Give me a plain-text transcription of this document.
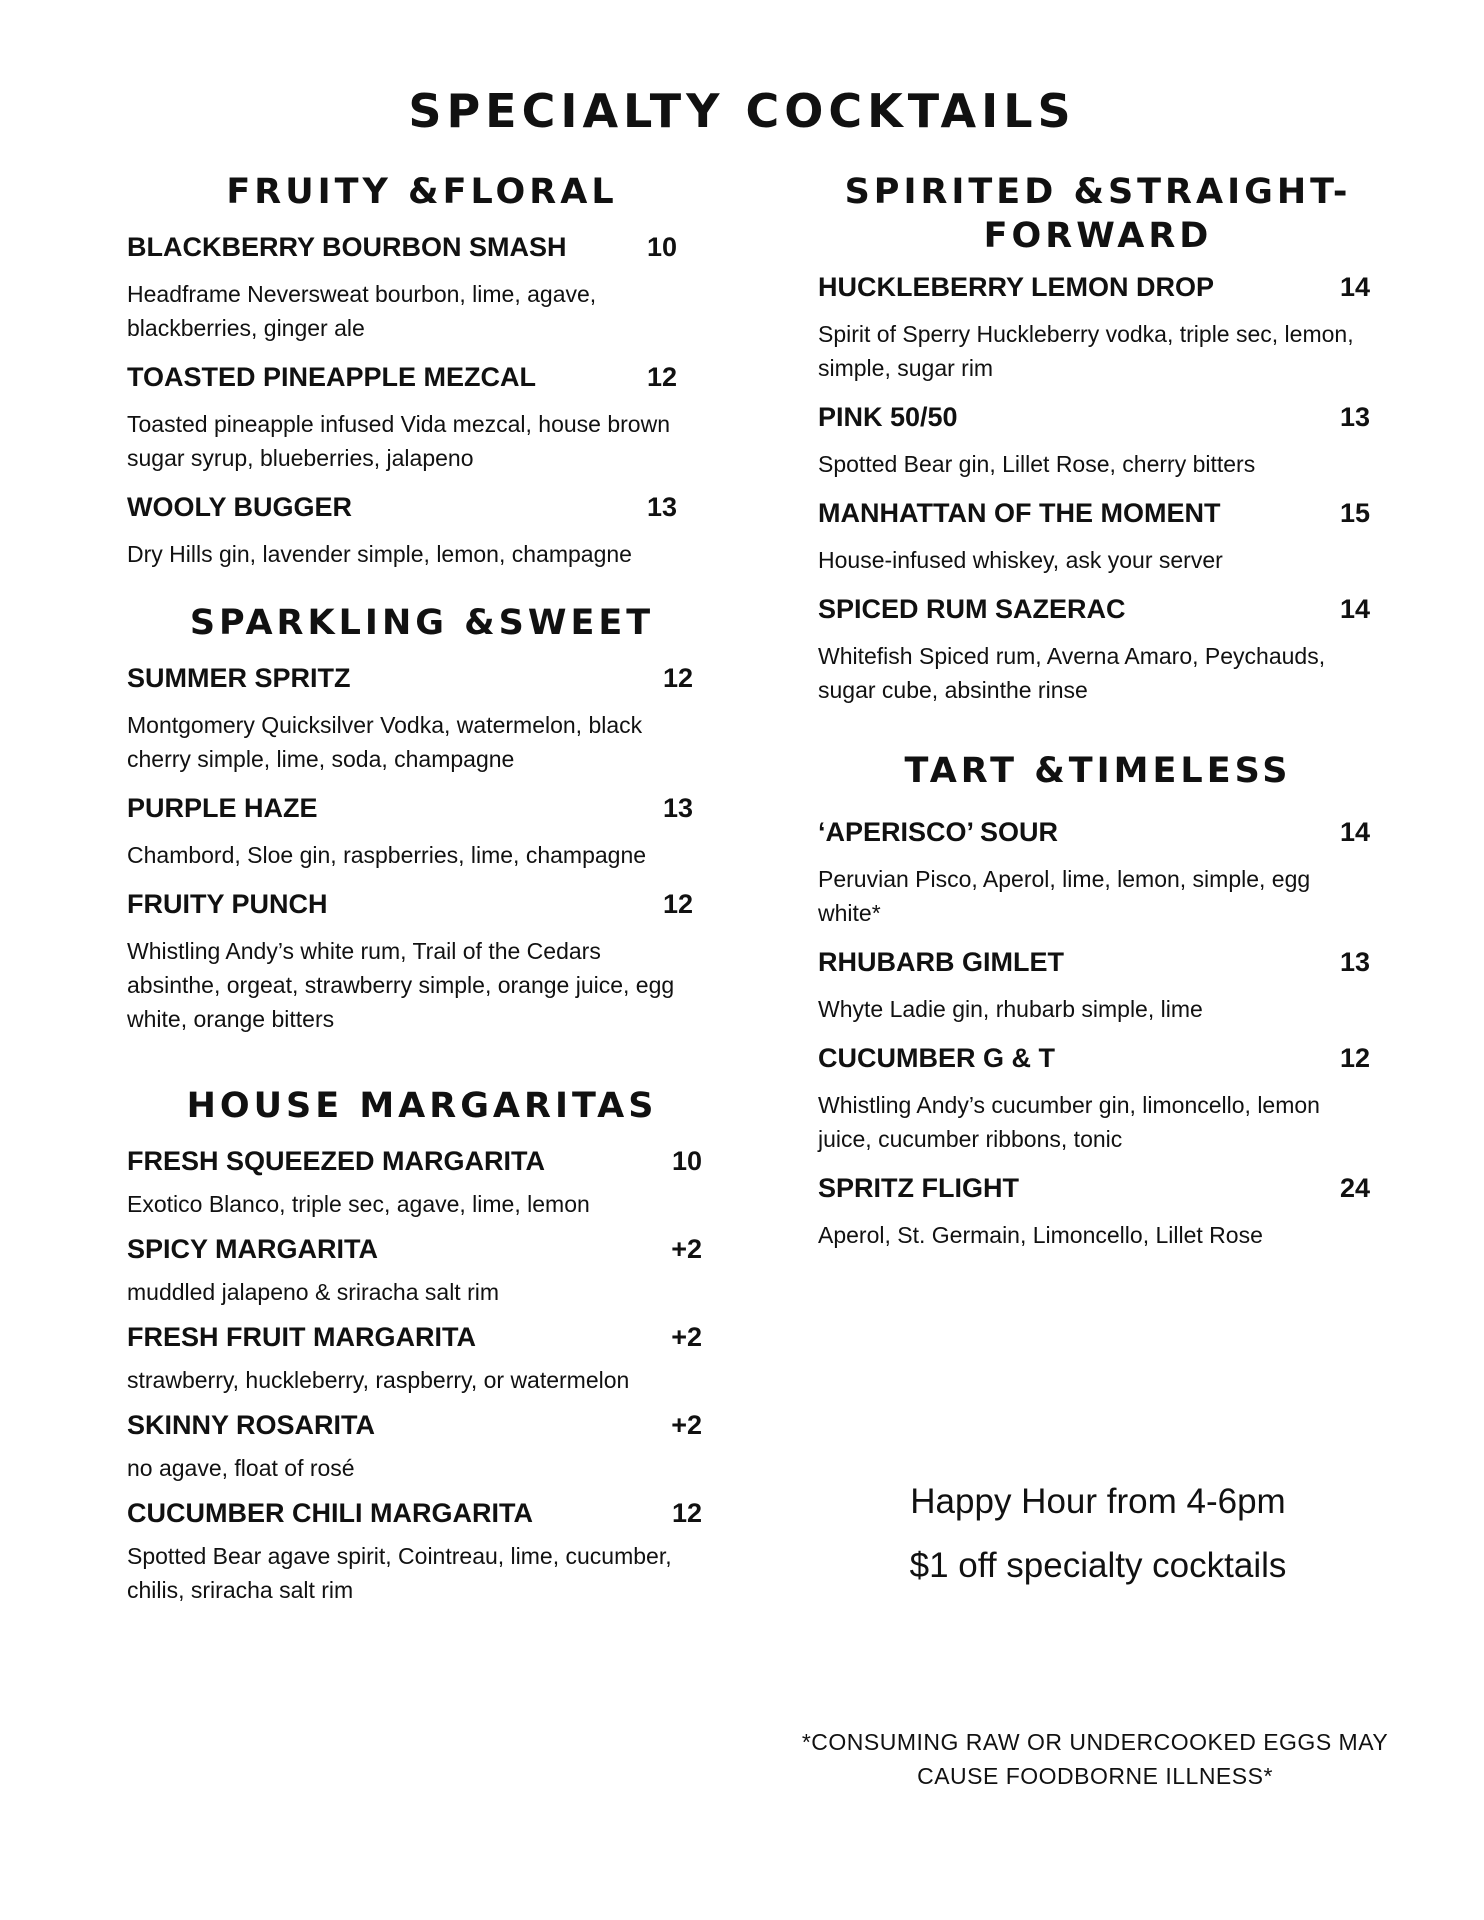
SPECIALTY COCKTAILS
FRUITY &FLORAL
BLACKBERRY BOURBON SMASH	10
Headframe Neversweat bourbon, lime, agave, blackberries, ginger ale
TOASTED PINEAPPLE MEZCAL	12
Toasted pineapple infused Vida mezcal, house brown sugar syrup, blueberries, jalapeno
WOOLY BUGGER	13
Dry Hills gin, lavender simple, lemon, champagne
SPARKLING &SWEET
SUMMER SPRITZ	12
Montgomery Quicksilver Vodka, watermelon, black cherry simple, lime, soda, champagne
PURPLE HAZE	13
Chambord, Sloe gin, raspberries, lime, champagne
FRUITY PUNCH	12
Whistling Andy’s white rum, Trail of the Cedars absinthe, orgeat, strawberry simple, orange juice, egg white, orange bitters
HOUSE MARGARITAS
FRESH SQUEEZED MARGARITA	10
Exotico Blanco, triple sec, agave, lime, lemon
SPICY MARGARITA	+2
muddled jalapeno & sriracha salt rim
FRESH FRUIT MARGARITA	+2
strawberry, huckleberry, raspberry, or watermelon
SKINNY ROSARITA	+2
no agave, float of rosé
CUCUMBER CHILI MARGARITA	12
Spotted Bear agave spirit, Cointreau, lime, cucumber, chilis, sriracha salt rim
SPIRITED &STRAIGHT-
FORWARD
HUCKLEBERRY LEMON DROP	14
Spirit of Sperry Huckleberry vodka, triple sec, lemon, simple, sugar rim
PINK 50/50	13
Spotted Bear gin, Lillet Rose, cherry bitters
MANHATTAN OF THE MOMENT	15
House-infused whiskey, ask your server
SPICED RUM SAZERAC	14
Whitefish Spiced rum, Averna Amaro, Peychauds, sugar cube, absinthe rinse
TART &TIMELESS
‘APERISCO’ SOUR	14
Peruvian Pisco, Aperol, lime, lemon, simple, egg white*
RHUBARB GIMLET	13
Whyte Ladie gin, rhubarb simple, lime
CUCUMBER G & T	12
Whistling Andy’s cucumber gin, limoncello, lemon juice, cucumber ribbons, tonic
SPRITZ FLIGHT	24
Aperol, St. Germain, Limoncello, Lillet Rose
Happy Hour from 4-6pm
$1 off specialty cocktails
*CONSUMING RAW OR UNDERCOOKED EGGS MAY
CAUSE FOODBORNE ILLNESS*
